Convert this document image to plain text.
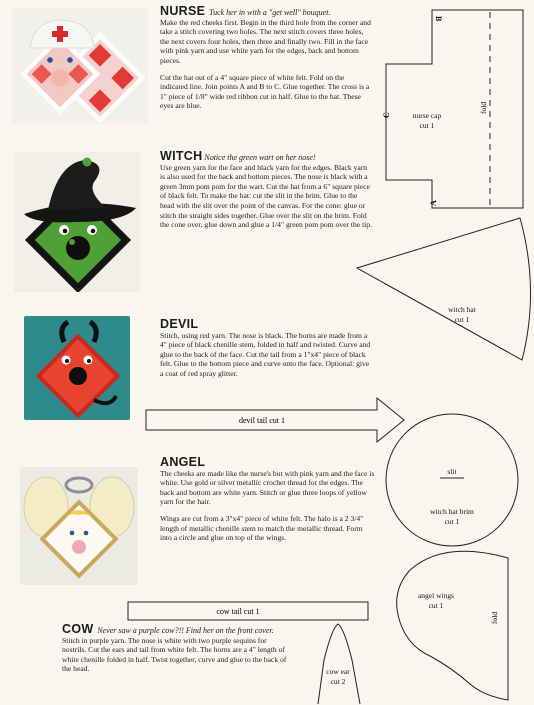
NURSE Tuck her in with a "get well" bouquet.

Make the red cheeks first. Begin in the third hole from the corner and take a stitch covering two holes. The next stitch covers three holes, the next covers four holes, then three and finally two. Fill in the face with pink yarn and use white yarn for the edges, back and bottom pieces.

Cut the hat out of a 4" square piece of white felt. Fold on the indicated line. Join points A and B to C. Glue together. The cross is a 1" piece of 1/8" wide red ribbon cut in half. Glue to the hat. These eyes are blue.

WITCH Notice the green wart on her nose!

Use green yarn for the face and black yarn for the edges. Black yarn is also used for the back and bottom pieces. The nose is black with a green 3mm pom pom for the wart. Cut the hat from a 6" square piece of black felt. To make the hat: cut the slit in the brim. Glue to the head with the slit over the point of the canvas. For the cone: glue or stitch the straight sides together. Glue over the slit on the brim. Fold the cone over, glue down and glue a 1/4" green pom pom over the tip.

DEVIL

Stitch, using red yarn. The nose is black. The horns are made from a 4" piece of black chenille stem, folded in half and twisted. Curve and glue to the back of the face. Cut the tail from a 1"x4" piece of black felt. Glue to the bottom piece and curve onto the face. Optional: give a coat of red spray glitter.

ANGEL

The cheeks are made like the nurse's but with pink yarn and the face is white. Use gold or silver metallic crochet thread for the edges. The back and bottom are white yarn. Stitch or glue three loops of yellow yarn for the hair.

Wings are cut from a 3"x4" piece of white felt. The halo is a 2 3/4" length of metallic chenille stem to match the metallic thread. Form into a circle and glue on top of the wings.

COW Never saw a purple cow?!! Find her on the front cover.

Stitch in purple yarn. The nose is white with two purple sequins for nostrils. Cut the ears and tail from white felt. The horns are a 4" length of white chenille folded in half. Twist together, curve and glue to the back of the head.

nurse cap
cut 1
A
B
C
fold
witch hat
cut 1
devil tail cut 1
slit
witch hat brim
cut 1
angel wings
cut 1
fold
cow tail cut 1
cow ear
cut 2
